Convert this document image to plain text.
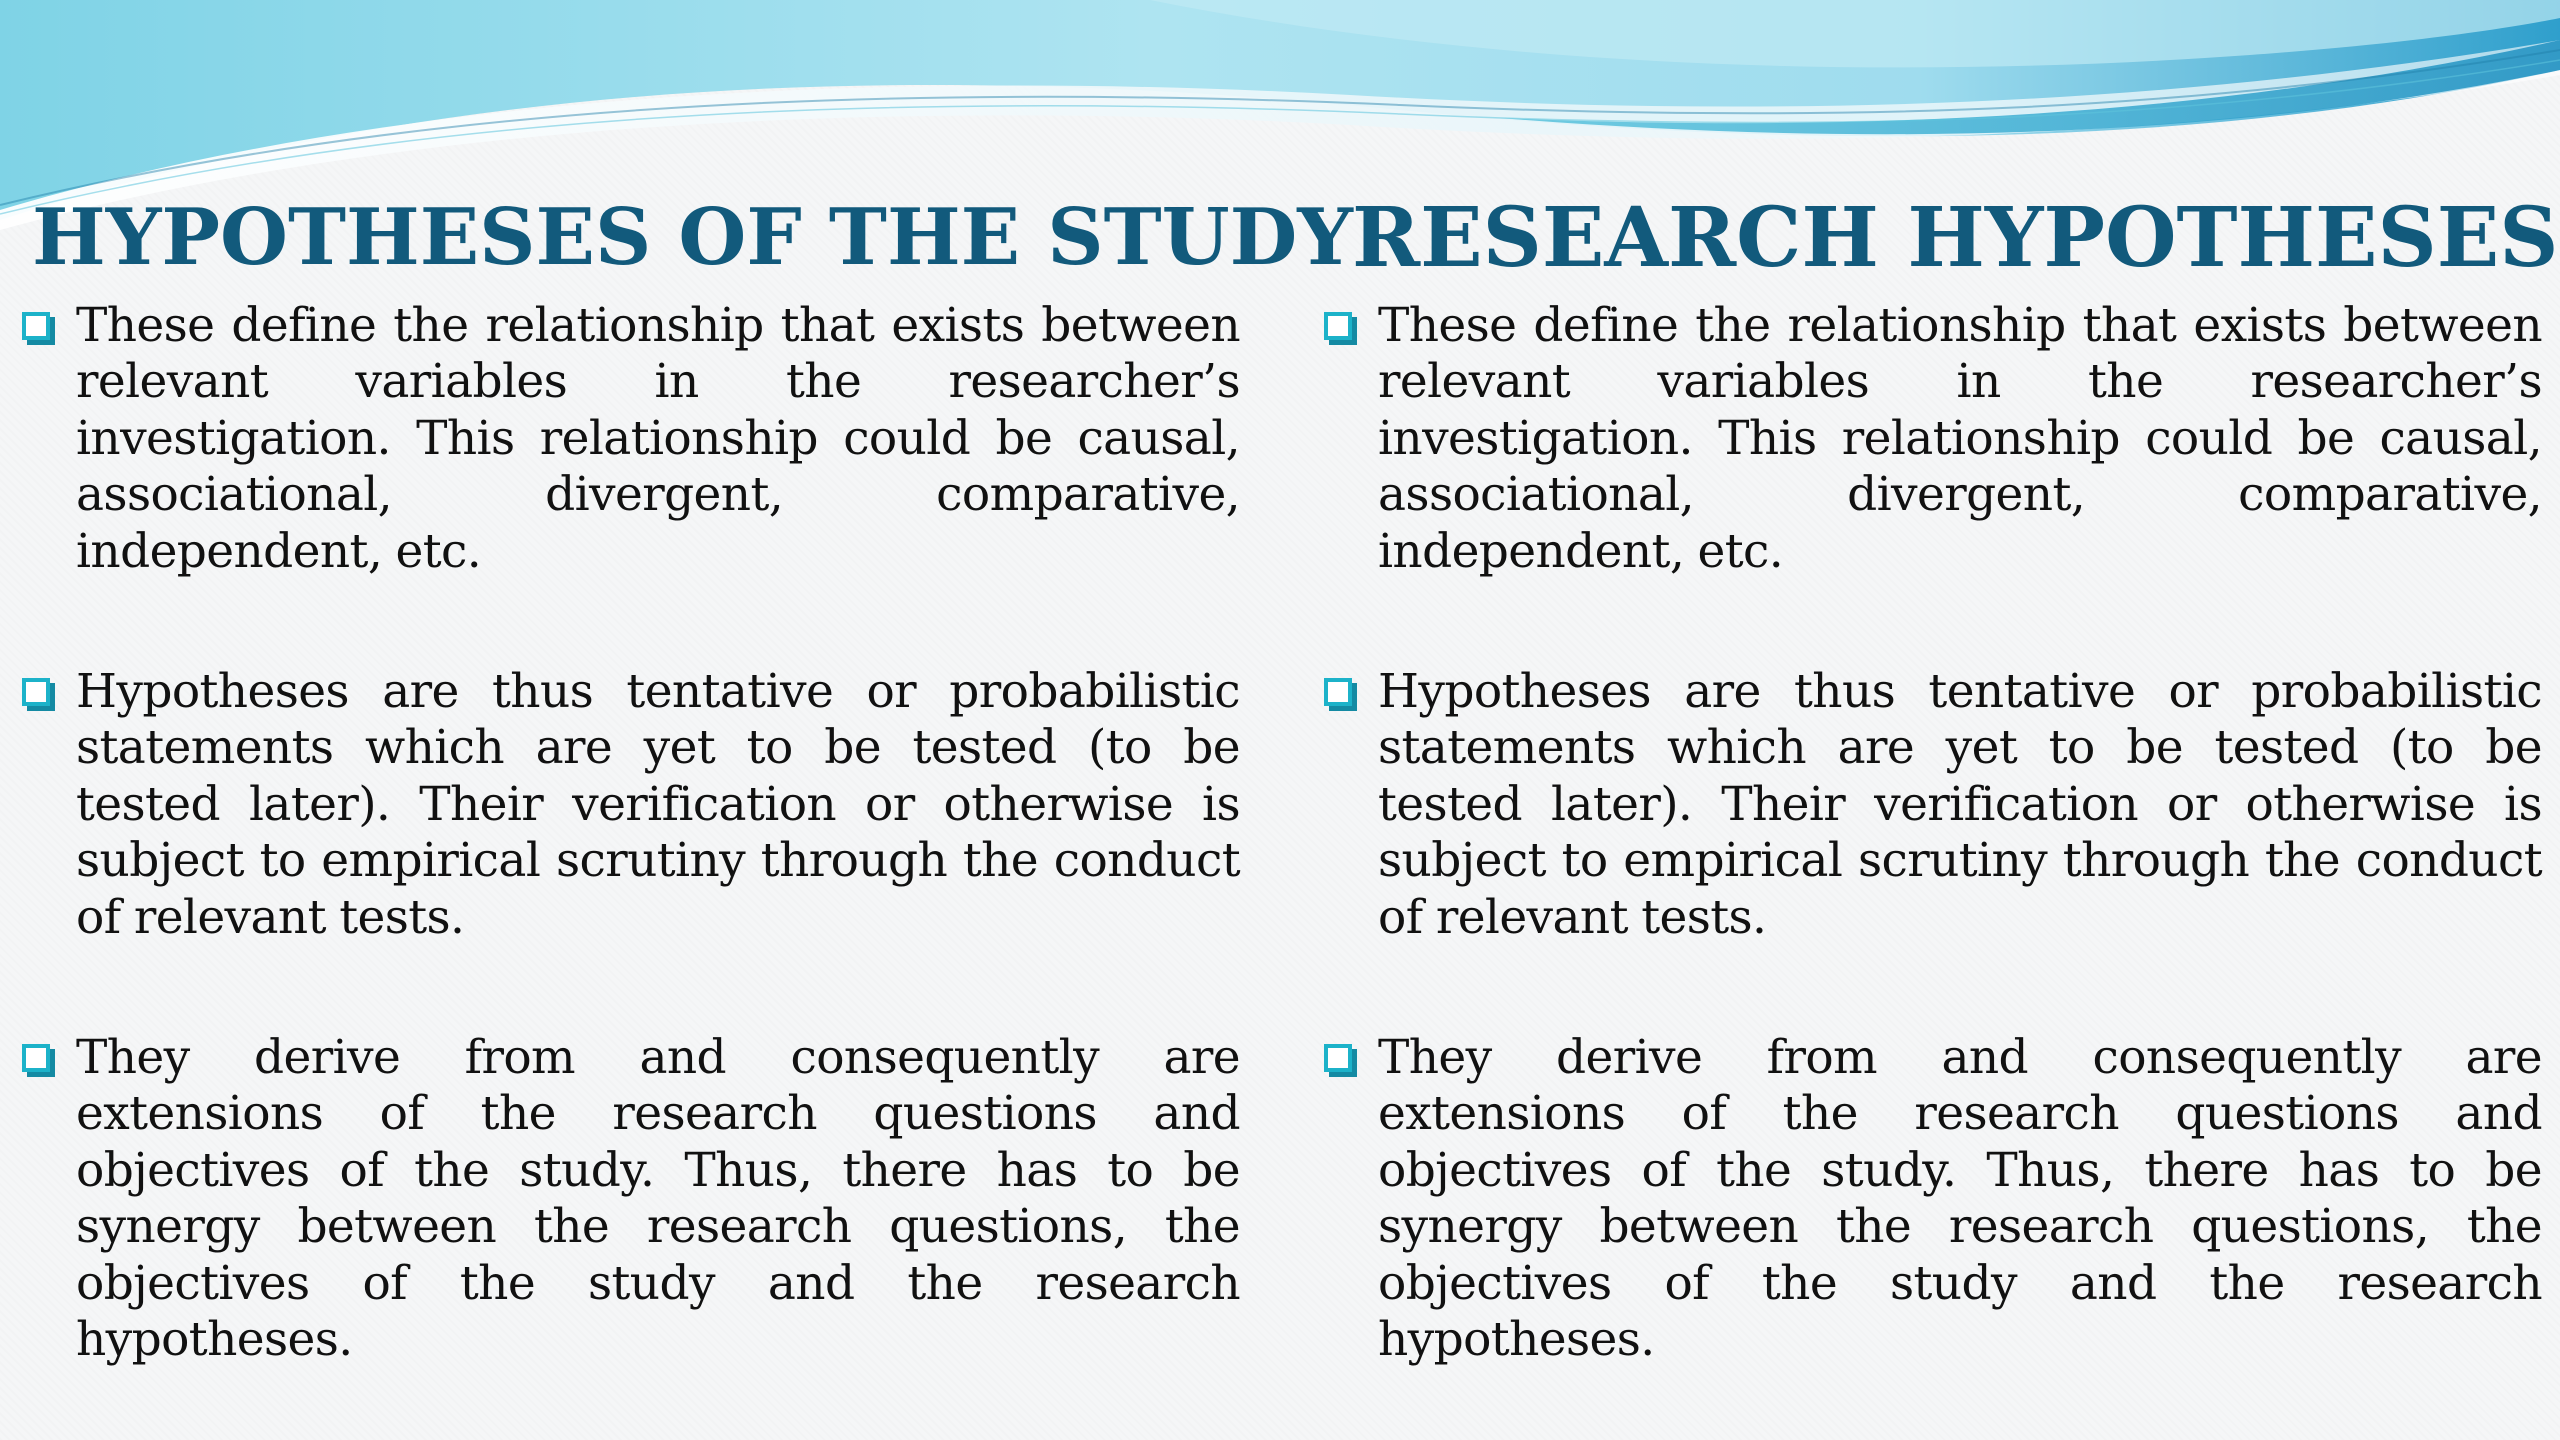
HYPOTHESES OF THE STUDY

These define the relationship that exists between relevant variables in the researcher’s investigation. This relationship could be causal, associational, divergent, comparative, independent, etc.

Hypotheses are thus tentative or probabilistic statements which are yet to be tested (to be tested later). Their verification or otherwise is subject to empirical scrutiny through the conduct of relevant tests.

They derive from and consequently are extensions of the research questions and objectives of the study. Thus, there has to be synergy between the research questions, the objectives of the study and the research hypotheses.

RESEARCH HYPOTHESES

These define the relationship that exists between relevant variables in the researcher’s investigation. This relationship could be causal, associational, divergent, comparative, independent, etc.

Hypotheses are thus tentative or probabilistic statements which are yet to be tested (to be tested later). Their verification or otherwise is subject to empirical scrutiny through the conduct of relevant tests.

They derive from and consequently are extensions of the research questions and objectives of the study. Thus, there has to be synergy between the research questions, the objectives of the study and the research hypotheses.
